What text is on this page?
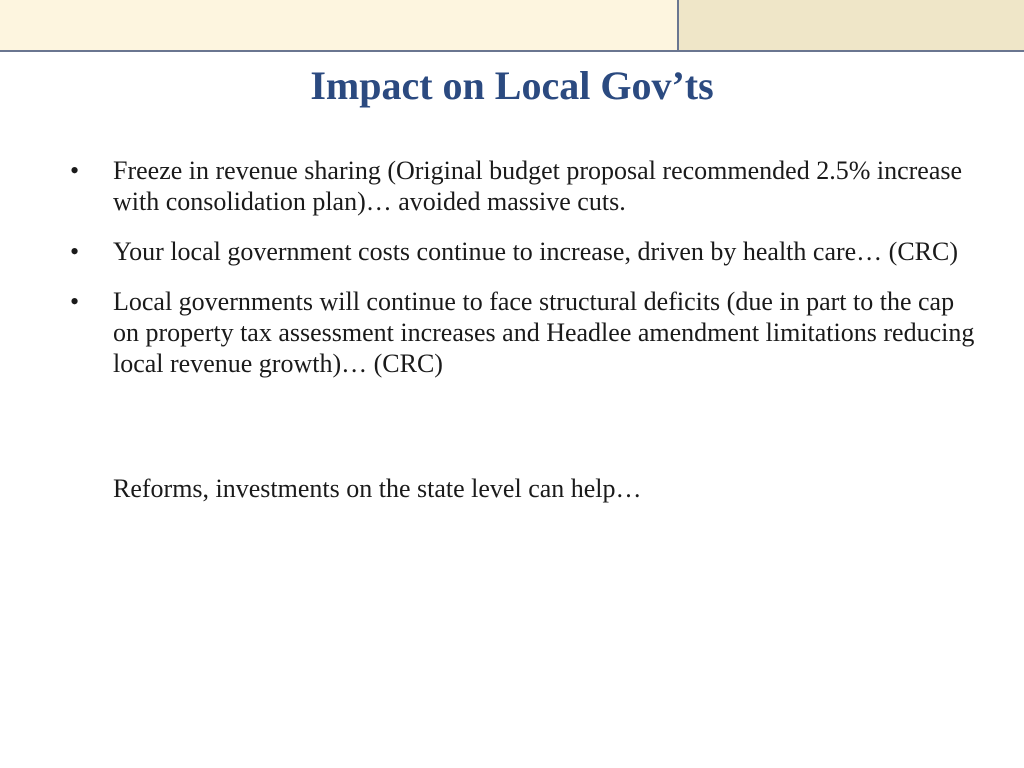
Impact on Local Gov’ts
•	Freeze in revenue sharing (Original budget proposal recommended 2.5% increase with consolidation plan)… avoided massive cuts.
•	Your local government costs continue to increase, driven by health care… (CRC)
•	Local governments will continue to face structural deficits (due in part to the cap on property tax assessment increases and Headlee amendment limitations reducing local revenue growth)… (CRC)
Reforms, investments on the state level can help…
